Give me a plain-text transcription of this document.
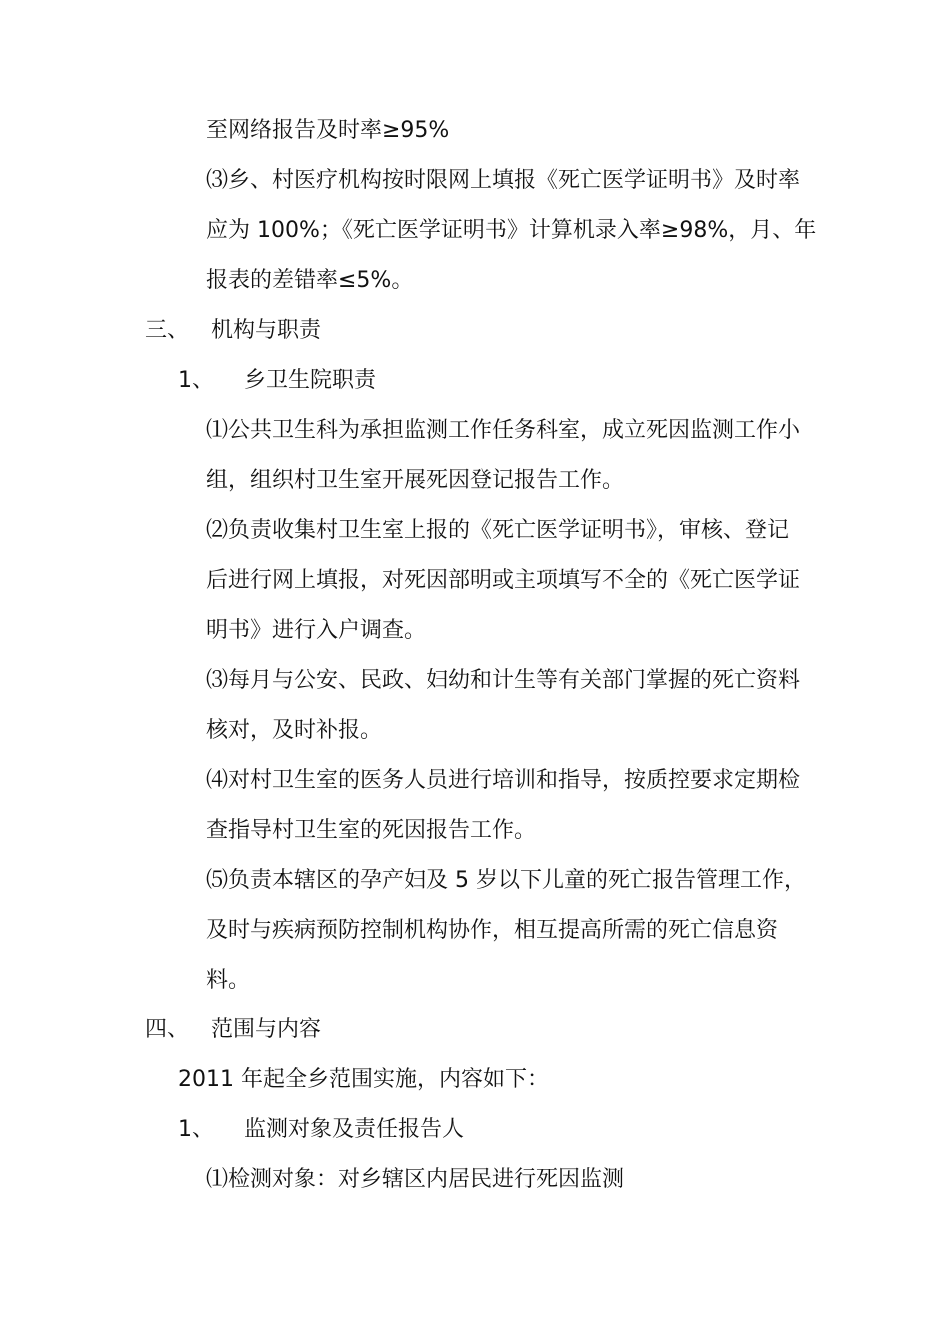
至网络报告及时率≥95%
⑶乡、村医疗机构按时限网上填报《死亡医学证明书》及时率
应为 100%；《死亡医学证明书》计算机录入率≥98%，月、年
报表的差错率≤5%。
三、 机构与职责
1、 乡卫生院职责
⑴公共卫生科为承担监测工作任务科室，成立死因监测工作小
组，组织村卫生室开展死因登记报告工作。
⑵负责收集村卫生室上报的《死亡医学证明书》，审核、登记
后进行网上填报，对死因部明或主项填写不全的《死亡医学证
明书》进行入户调查。
⑶每月与公安、民政、妇幼和计生等有关部门掌握的死亡资料
核对，及时补报。
⑷对村卫生室的医务人员进行培训和指导，按质控要求定期检
查指导村卫生室的死因报告工作。
⑸负责本辖区的孕产妇及 5 岁以下儿童的死亡报告管理工作，
及时与疾病预防控制机构协作，相互提高所需的死亡信息资
料。
四、 范围与内容
2011 年起全乡范围实施，内容如下：
1、 监测对象及责任报告人
⑴检测对象：对乡辖区内居民进行死因监测
